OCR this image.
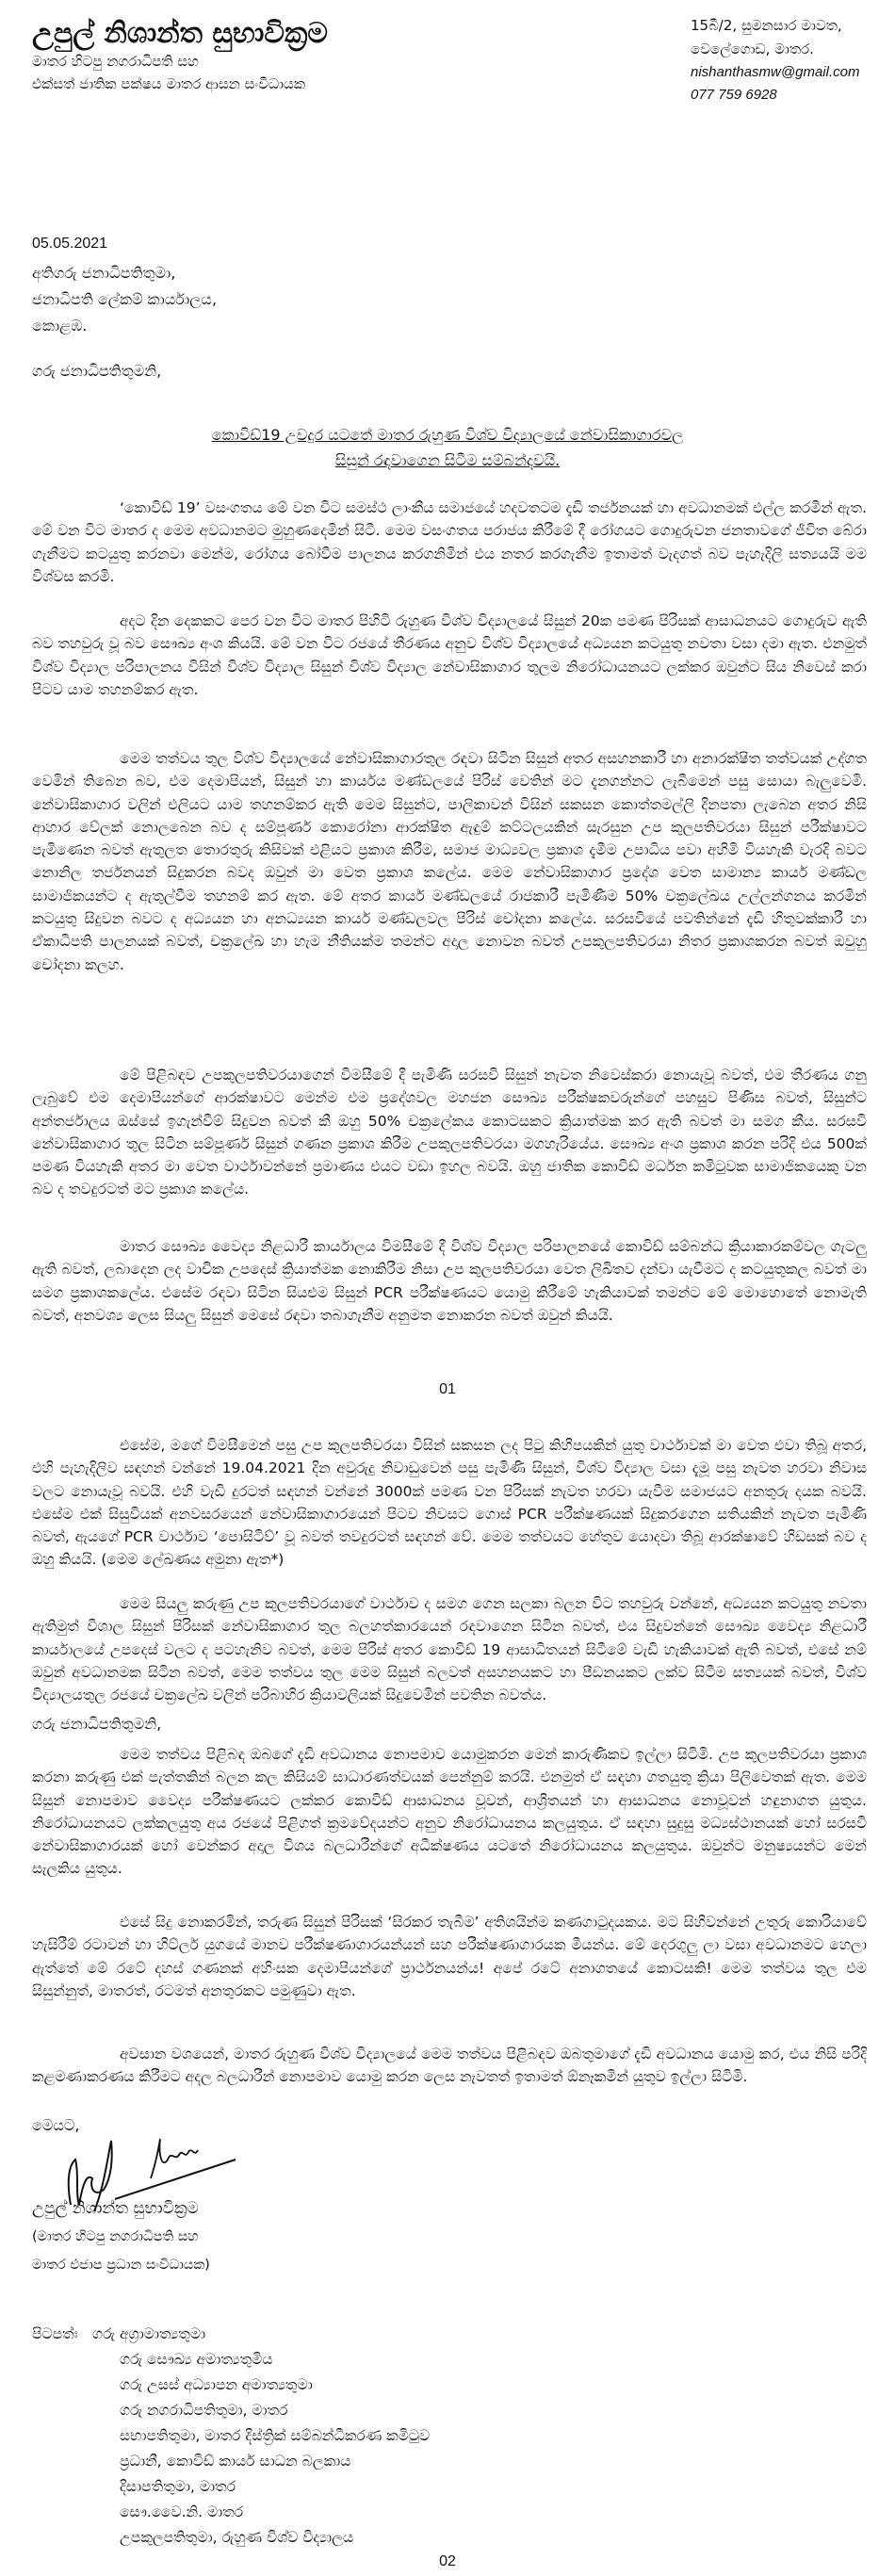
උපුල් නිශාන්ත සුභාවික්‍රම
මාතර හිටපු නගරාධිපති සහ
එක්සත් ජාතික පක්ෂය මාතර ආසන සංවිධායක
15බී/2, සුමනසාර මාවත,
වෙලේගොඩ, මාතර.
nishanthasmw@gmail.com
077 759 6928
05.05.2021
අතිගරු ජනාධිපතිතුමා,
ජනාධිපති ලේකම් කාර්යාලය,
කොළඹ.
ගරු ජනාධිපතිතුමනි,
කොවිඩ්19 උවදුර යටතේ මාතර රුහුණ විශ්ව විද්‍යාලයේ නේවාසිකාගාරවල
සිසුන් රඳවාගෙන සිටීම සම්බන්දවයි.

‘කොවිඩ් 19’ වසංගතය මේ වන විට සමස්ථ ලාංකීය සමාජයේ හදවතටම දැඩි තර්ජනයක් හා අවධානමක් එල්ල කරමින් ඇත. මේ වන විට මාතර ද මෙම අවධානමට මුහුණදෙමින් සිටී. මෙම වසංගතය පරාජය කිරීමේ දී රෝගයට ගොදුරුවන ජනතාවගේ ජීවිත බේරා ගැනීමට කටයුතු කරනවා මෙන්ම, රෝගය බෝවීම පාලනය කරගනිමින් එය නතර කරගැනීම ඉතාමත් වැදගත් බව පැහැදිලි සත්‍යයයි මම විශ්වස කරමි.

අදට දින දෙකකට පෙර වන විට මාතර පිහිටි රුහුණ විශ්ව විද්‍යාලයේ සිසුන් 20ක පමණ පිරිසක් ආසාධනයට ගොදුරුව ඇති බව තහවුරු වූ බව සෞඛ්‍ය අංශ කියයි. මේ වන විට රජයේ තීරණය අනුව විශ්ව විද්‍යාලයේ අධ්‍යයන කටයුතු නවතා වසා දමා ඇත. එනමුත් විශ්ව විද්‍යාල පරිපාලනය විසින් විශ්ව විද්‍යාල සිසුන් විශ්ව විද්‍යාල නේවාසිකාගාර තුලම නිරෝධායනයට ලක්කර ඔවුන්ට සිය නිවෙස් කරා පිටව යාම තහනම්කර ඇත.

මෙම තත්වය තුල විශ්ව විද්‍යාලයේ නේවාසිකාගාරතුල රඳවා සිටින සිසුන් අතර අසහනකාරී හා අනාරක්ෂිත තත්වයක් උද්ගත වෙමින් තිබෙන බව, එම දෙමාපියන්, සිසුන් හා කාර්යය මණ්ඩලයේ පිරිස් වෙතින් මට දැනගන්නට ලැබීමෙන් පසු සොයා බැලුවෙමි. නේවාසිකාගාර වලින් එලියට යාම තහනම්කර ඇති මෙම සිසුන්ට, පාලිකාවන් විසින් සකසන කොත්තමල්ලි දිනපතා ලැබෙන අතර නිසි ආහාර වේලක් නොලබෙන බව ද සම්පූර්ණ කොරෝනා ආරක්ෂිත ඇඳුම් කට්ටලයකින් සැරසුන උප කුලපතිවරයා සිසුන් පරීක්ෂාවට පැමිණෙන බවත් ඇතුලත තොරතුරු කිසිවක් එළියට ප්‍රකාශ කිරීම, සමාජ මාධ්‍යවල ප්‍රකාශ දැමීම උපාධිය පවා අහිමි වියහැකි වැරදි බවට නොනිල තර්ජනයන් සිදුකරන බවද ඔවුන් මා වෙත ප්‍රකාශ කලේය. මෙම නේවාසිකාගාර ප්‍රදේශ වෙත සාමාන්‍ය කාර්ය මණ්ඩල සාමාජිකයන්ට ද ඇතුල්වීම තහනම් කර ඇත. මේ අතර කාර්ය මණ්ඩලයේ රාජකාරී පැමිණීම 50% චක්‍රලේඛය උල්ලන්ගනය කරමින් කටයුතු සිදුවන බවට ද අධ්‍යයන හා අනධ්‍යයන කාර්ය මණ්ඩලවල පිරිස් චෝදනා කලේය. සරසවියේ පවතින්නේ දැඩි හිතුවක්කාරී හා ඒකාධිපති පාලනයක් බවත්, චක්‍රලේඛ හා හැම නීතියක්ම තමන්ට අදාල නොවන බවත් උපකුලපතිවරයා නිතර ප්‍රකාශකරන බවත් ඔවුහු චෝදනා කලහ.

මේ පිළිබඳව උපකුලපතිවරයාගෙන් විමසීමේ දී පැමිණි සරසවි සිසුන් නැවත නිවෙස්කරා නොයැවූ බවත්, එම තීරණය ගනු ලැබුවේ එම දෙමාපියන්ගේ ආරක්ෂාවට මෙන්ම එම ප්‍රදේශවල මහජන සෞඛ්‍ය පරීක්ෂකවරුන්ගේ පහසුව පිණිස බවත්, සිසුන්ට අන්තර්ජාලය ඔස්සේ ඉගැන්වීම් සිදුවන බවත් කී ඔහු 50% චක්‍රලේකය කොටසකට ක්‍රියාත්මක කර ඇති බවත් මා සමග කීය. සරසවි නේවාසිකාගාර තුල සිටින සම්පූර්ණ සිසුන් ගණන ප්‍රකාශ කිරීම උපකුලපතිවරයා මගහැරියේය. සෞඛ්‍ය අංශ ප්‍රකාශ කරන පරිදි එය 500ක් පමණ වියහැකි අතර මා වෙත වාර්ථාවන්නේ ප්‍රමාණය එයට වඩා ඉහල බවයි. ඔහු ජාතික කොවිඩ් මර්ධන කමිටුවක සාමාජිකයෙකු වන බව ද තවදුරටත් මට ප්‍රකාශ කලේය.

මාතර සෞඛ්‍ය වෛද්‍ය නිළධාරී කාර්යාලය විමසීමේ දී විශ්ව විද්‍යාල පරිපාලනයේ කොවිඩ් සම්බන්ධ ක්‍රියාකාරකම්වල ගැටලු ඇති බවත්, ලබාදෙන ලද වාචික උපදෙස් ක්‍රියාත්මක නොකිරීම නිසා උප කුලපතිවරයා වෙත ලිඛිතව දන්වා යැවීමට ද කටයුතුකල බවත් මා සමග ප්‍රකාශකලේය. එසේම රඳවා සිටින සියළුම සිසුන් PCR පරීක්ෂණයට යොමු කිරීමේ හැකියාවක් තමන්ට මේ මොහොතේ නොමැති බවත්, අනවශ්‍ය ලෙස සියලු සිසුන් මෙසේ රඳවා තබාගැනීම අනුමත නොකරන බවත් ඔවුන් කියයි.

01

එසේම, මගේ විමසීමෙන් පසු උප කුලපතිවරයා විසින් සකසන ලද පිටු කිහිපයකින් යුතු වාර්ථාවක් මා වෙත එවා තිබූ අතර, එහි පැහැදිලිව සඳහන් වන්නේ 19.04.2021 දින අවුරුදු නිවාඩුවෙන් පසු පැමිණි සිසුන්, විශ්ව විද්‍යාල වසා දැමූ පසු නැවත හරවා නිවාස වලට නොයැවූ බවයි. එහි වැඩි දුරටත් සඳහන් වන්නේ 3000ක් පමණ වන පිරිසක් නැවත හරවා යැවීම සමාජයට අනතුරු දයක බවයි. එසේම එක් සිසුවියක් අනවසරයෙන් නේවාසිකාගාරයෙන් පිටව නිවසට ගොස් PCR පරීක්ෂණයක් සිදුකරගෙන සතියකින් නැවත පැමිණි බවත්, ඇයගේ PCR වාර්ථාව ‘පොසිටිව්’ වූ බවත් තවදුරටත් සඳහන් වේ. මෙම තත්වයට හේතුව යොදවා තිබූ ආරක්ෂාවේ හිඩසක් බව ද ඔහු කියයි. (මෙම ලේඛණය අමුනා ඇත*)

මෙම සියලු කරුණු උප කුලපතිවරයාගේ වාර්ථාව ද සමග ගෙන සලකා බලන විට තහවුරු වන්නේ, අධ්‍යයන කටයුතු නවතා ඇතිමුත් විශාල සිසුන් පිරිසක් නේවාසිකාගාර තුල බලහත්කාරයෙන් රඳවාගෙන සිටින බවත්, එය සිදුවන්නේ සෞඛ්‍ය වෛද්‍ය නිළධාරී කාර්යාලයේ උපදෙස් වලට ද පටහැනිව බවත්, මෙම පිරිස් අතර කොවිඩ් 19 ආසාධිතයන් සිටීමේ වැඩි හැකියාවක් ඇති බවත්, එසේ නම් ඔවුන් අවධානමක සිටින බවත්, මෙම තත්වය තුල මෙම සිසුන් බලවත් අසහනයකට හා පීඩනයකට ලක්ව සිටීම සත්‍යයක් බවත්, විශ්ව විද්‍යාලයතුල රජයේ චක්‍රලේඛ වලින් පරිබාහිර ක්‍රියාවලියක් සිදුවෙමින් පවතින බවත්ය.

ගරු ජනාධිපතිතුමනි,

මෙම තත්වය පිළිබඳ ඔබගේ දැඩි අවධානය නොපමාව යොමුකරන මෙන් කාරුණිකව ඉල්ලා සිටිමි. උප කුලපතිවරයා ප්‍රකාශ කරනා කරුණු එක් පැත්තකින් බලන කල කිසියම් සාධාරණත්වයක් පෙන්නුම් කරයි. එනමුත් ඒ සඳහා ගතයුතු ක්‍රියා පිලිවෙතක් ඇත. මෙම සිසුන් නොපමාව වෛද්‍ය පරීක්ෂණයට ලක්කර කොවිඩ් ආසාධනය වූවන්, ආශ්‍රිතයන් හා ආසාධනය නොවූවන් හඳුනාගත යුතුය. නිරෝධායනයට ලක්කලයුතු අය රජයේ පිළිගත් ක්‍රමවේදයන්ට අනුව නිරෝධායනය කලයුතුය. ඒ සඳහා සුදුසු මධ්‍යස්ථානයක් හෝ සරසවි නේවාසිකාගාරයක් හෝ වෙන්කර අදාල විශය බලධාරීන්ගේ අධීක්ෂණය යටතේ නිරෝධායනය කලයුතුය. ඔවුන්ට මනුෂ්‍යයන්ට මෙන් සැලකිය යුතුය.

එසේ සිදු නොකරමින්, තරුණ සිසුන් පිරිසක් ‘සිරකර තැබීම’ අතිශයින්ම කණගාටුදයකය. මට සිහිවන්නේ උතුරු කොරියාවේ හැසිරීම් රටාවන් හා හිට්ලර් යුගයේ මානව පරීක්ෂණාගාරයන්යන් සහ පරීක්ෂණාගාරයක මීයන්ය. මේ දෙරගුලු ලා වසා අවධානමට හෙලා ඇත්තේ මේ රටේ දහස් ගණනක් අහිංසක දෙමාපියන්ගේ ප්‍රාර්ථනයන්ය! අපේ රටේ අනාගතයේ කොටසකි! මෙම තත්වය තුල එම සිසුන්නුත්, මාතරත්, රටමත් අනතුරකට පමුණුවා ඇත.

අවසාන වශයෙන්, මාතර රුහුණ විශ්ව විද්‍යාලයේ මෙම තත්වය පිළිබඳව ඔබතුමාගේ දැඩි අවධානය යොමු කර, එය නිසි පරිදි කළමණාකරණය කිරීමට අදල බලධාරීන් නොපමාව යොමු කරන ලෙස නැවතත් ඉතාමත් ඕනෑකමින් යුතුව ඉල්ලා සිටිමි.

මෙයට,
උපුල් නිශාන්ත සුභාවික්‍රම
(මාතර හිටපු නගරාධිපති සහ
මාතර එජාප ප්‍රධාන සංවිධායක)
පිටපත්ඃ ගරු අග්‍රාමාත්‍යතුමා
ගරු සෞඛ්‍ය අමාත්‍යතුමිය
ගරු උසස් අධ්‍යාපන අමාත්‍යතුමා
ගරු නගරාධිපතිතුමා, මාතර
සභාපතිතුමා, මාතර දිස්ත්‍රික් සම්බන්ධීකරණ කමිටුව
ප්‍රධානී, කොවිඩ් කාර්ය සාධන බලකාය
දිසාපතිතුමා, මාතර
සෞ.වෛ.නි. මාතර
උපකුලපතිතුමා, රුහුණ විශ්ව විද්‍යාලය
02
